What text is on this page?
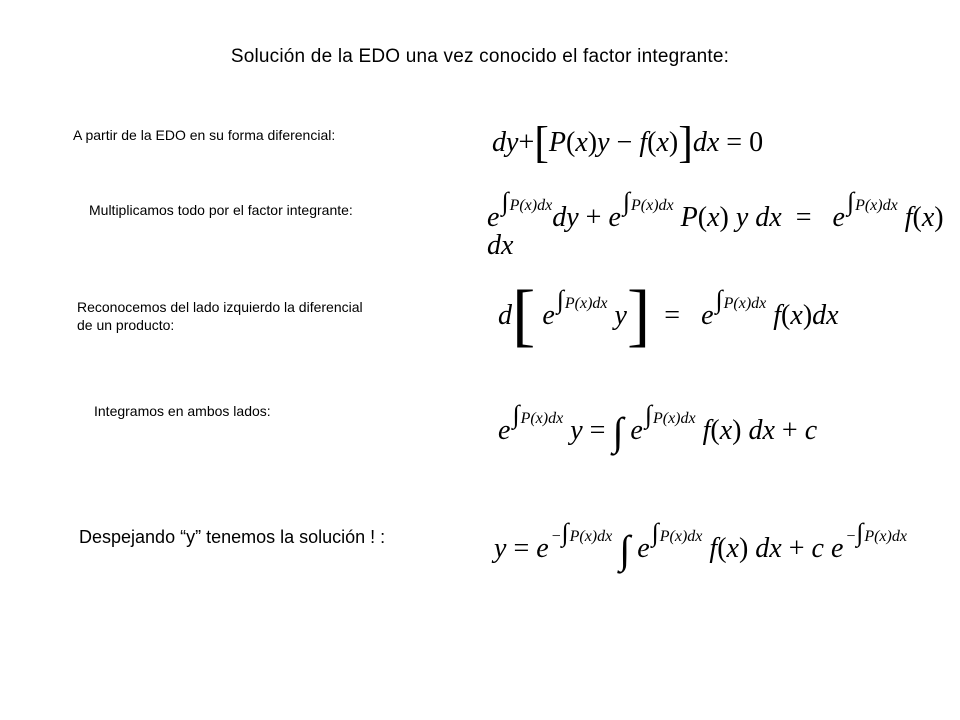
Solución de la EDO una vez conocido el factor integrante:
A partir de la EDO en su forma diferencial:	dy+[P(x)y − f(x)]dx = 0
Multiplicamos todo por el factor integrante:	$e^{\int P(x)dx}dy + e^{\int P(x)dx}$ P(x) y dx  =   $e^{\int P(x)dx}$ f(x) dx
Reconocemos del lado izquierdo la diferencial
de un producto:	d[ $e^{\int P(x)dx}$ $y] = e^{\int P(x)dx}$ f(x)dx
Integramos en ambos lados:
$e^{\int P(x)dx}$ y = ∫ $e^{\int P(x)dx}$ f(x) dx + c
Despejando “y” tenemos la solución ! :	y = e $^{-\int P(x)dx}$ ∫ $e^{\int P(x)dx}$ f(x) dx + c e $^{-\int P(x)dx}$
